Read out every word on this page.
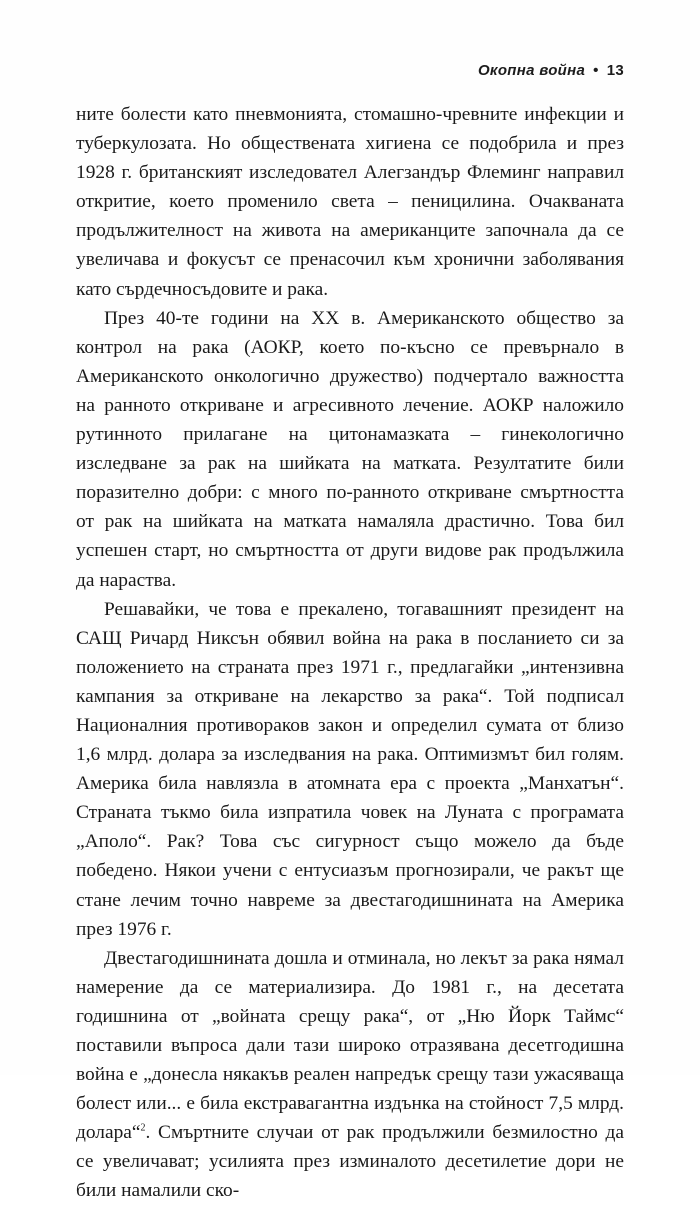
Окопна война • 13

ните болести като пневмонията, стомашно-чревните инфекции и туберкулозата. Но обществената хигиена се подобрила и през 1928 г. британският изследовател Алегзандър Флеминг направил откритие, което променило света – пеницилина. Очакваната продължителност на живота на американците започнала да се увеличава и фокусът се пренасочил към хронични заболявания като сърдечносъдовите и рака.

През 40-те години на XX в. Американското общество за контрол на рака (АОКР, което по-късно се превърнало в Американското онкологично дружество) подчертало важността на ранното откриване и агресивното лечение. АОКР наложило рутинното прилагане на цитонамазката – гинекологично изследване за рак на шийката на матката. Резултатите били поразително добри: с много по-ранното откриване смъртността от рак на шийката на матката намаляла драстично. Това бил успешен старт, но смъртността от други видове рак продължила да нараства.

Решавайки, че това е прекалено, тогавашният президент на САЩ Ричард Никсън обявил война на рака в посланието си за положението на страната през 1971 г., предлагайки „интензивна кампания за откриване на лекарство за рака“. Той подписал Националния противораков закон и определил сумата от близо 1,6 млрд. долара за изследвания на рака. Оптимизмът бил голям. Америка била навлязла в атомната ера с проекта „Манхатън“. Страната тъкмо била изпратила човек на Луната с програмата „Аполо“. Рак? Това със сигурност също можело да бъде победено. Някои учени с ентусиазъм прогнозирали, че ракът ще стане лечим точно навреме за двестагодишнината на Америка през 1976 г.

Двестагодишнината дошла и отминала, но лекът за рака нямал намерение да се материализира. До 1981 г., на десетата годишнина от „войната срещу рака“, от „Ню Йорк Таймс“ поставили въпроса дали тази широко отразявана десетгодишна война е „донесла някакъв реален напредък срещу тази ужасяваща болест или... е била екстравагантна издънка на стойност 7,5 млрд. долара“$^2$. Смъртните случаи от рак продължили безмилостно да се увеличават; усилията през изминалото десетилетие дори не били намалили ско-
